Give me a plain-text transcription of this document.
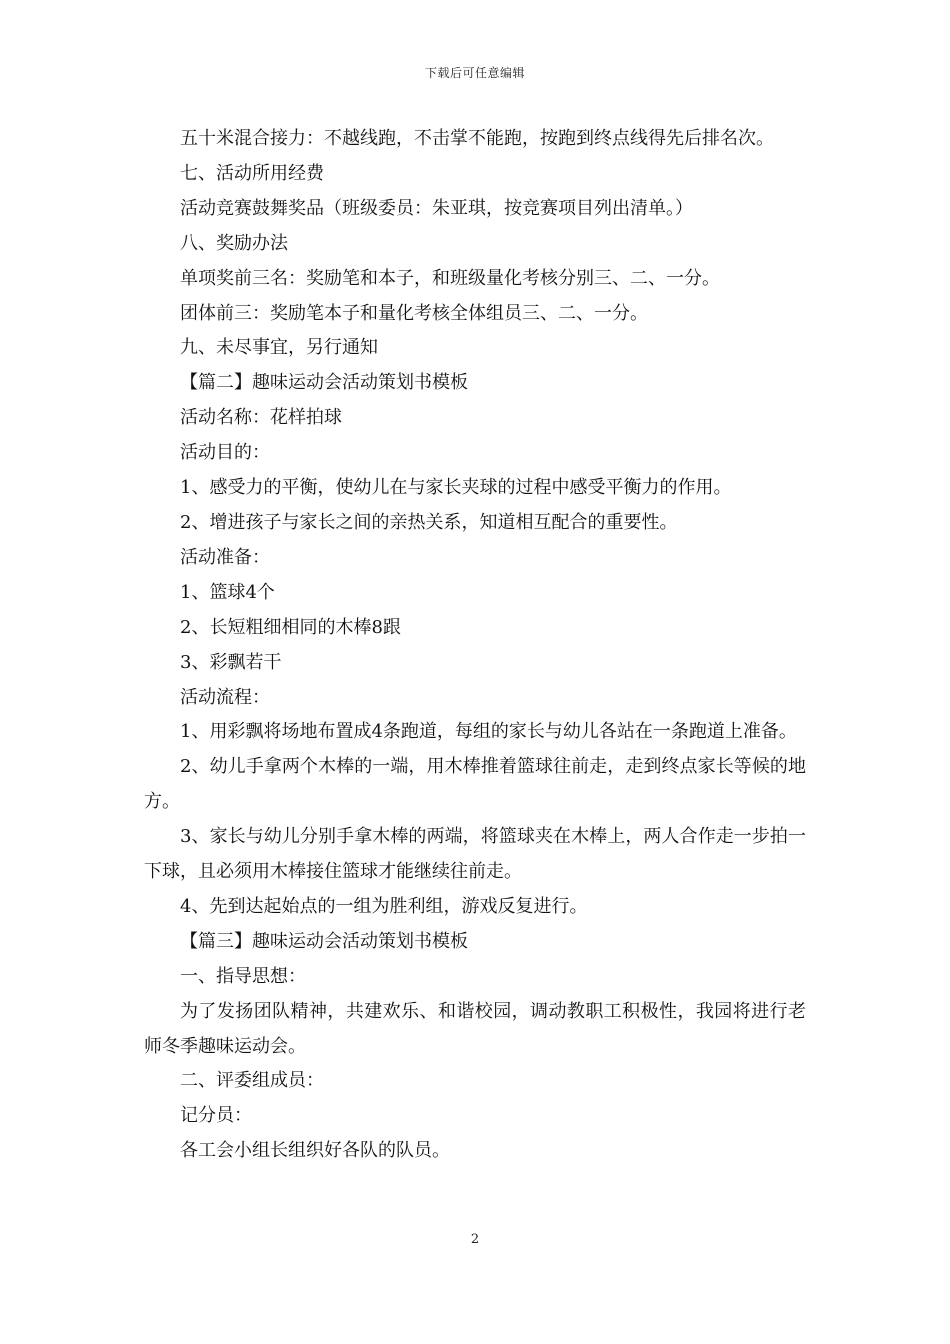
下载后可任意编辑

五十米混合接力：不越线跑，不击掌不能跑，按跑到终点线得先后排名次。

七、活动所用经费

活动竞赛鼓舞奖品（班级委员：朱亚琪，按竞赛项目列出清单。）

八、奖励办法

单项奖前三名：奖励笔和本子，和班级量化考核分别三、二、一分。

团体前三：奖励笔本子和量化考核全体组员三、二、一分。

九、未尽事宜，另行通知

【篇二】趣味运动会活动策划书模板

活动名称：花样拍球

活动目的：

1、感受力的平衡，使幼儿在与家长夹球的过程中感受平衡力的作用。

2、增进孩子与家长之间的亲热关系，知道相互配合的重要性。

活动准备：

1、篮球4个

2、长短粗细相同的木棒8跟

3、彩飘若干

活动流程：

1、用彩飘将场地布置成4条跑道，每组的家长与幼儿各站在一条跑道上准备。

2、幼儿手拿两个木棒的一端，用木棒推着篮球往前走，走到终点家长等候的地方。

3、家长与幼儿分别手拿木棒的两端，将篮球夹在木棒上，两人合作走一步拍一下球，且必须用木棒接住篮球才能继续往前走。

4、先到达起始点的一组为胜利组，游戏反复进行。

【篇三】趣味运动会活动策划书模板

一、指导思想：

为了发扬团队精神，共建欢乐、和谐校园，调动教职工积极性，我园将进行老师冬季趣味运动会。

二、评委组成员：

记分员：

各工会小组长组织好各队的队员。

2
